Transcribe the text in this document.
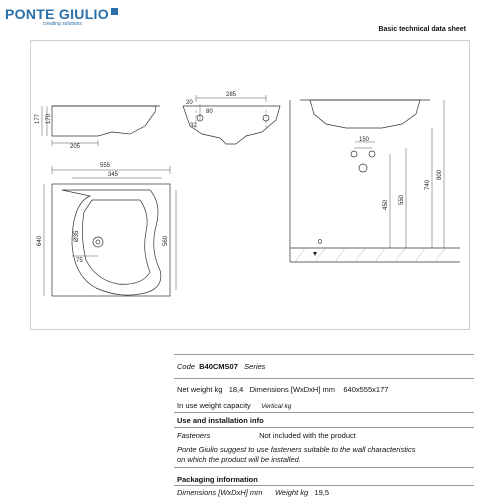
PONTE GIULIO
creating solutions
Basic technical data sheet
177 170
205
285
20
80
32
150
450 550
740
800
0
555
345
640	560
Ø35
75
Code B40CMS07 Series
Net weight kg 18,4 Dimensions [WxDxH] mm 640x555x177
In use weight capacity Vertical kg
Use and installation info
Fasteners	Not included with the product
Ponte Giulio suggest to use fasteners suitable to the wall characteristics
on which the product will be installed.
Packaging information
Dimensions [WxDxH] mm Weight kg 19,5
